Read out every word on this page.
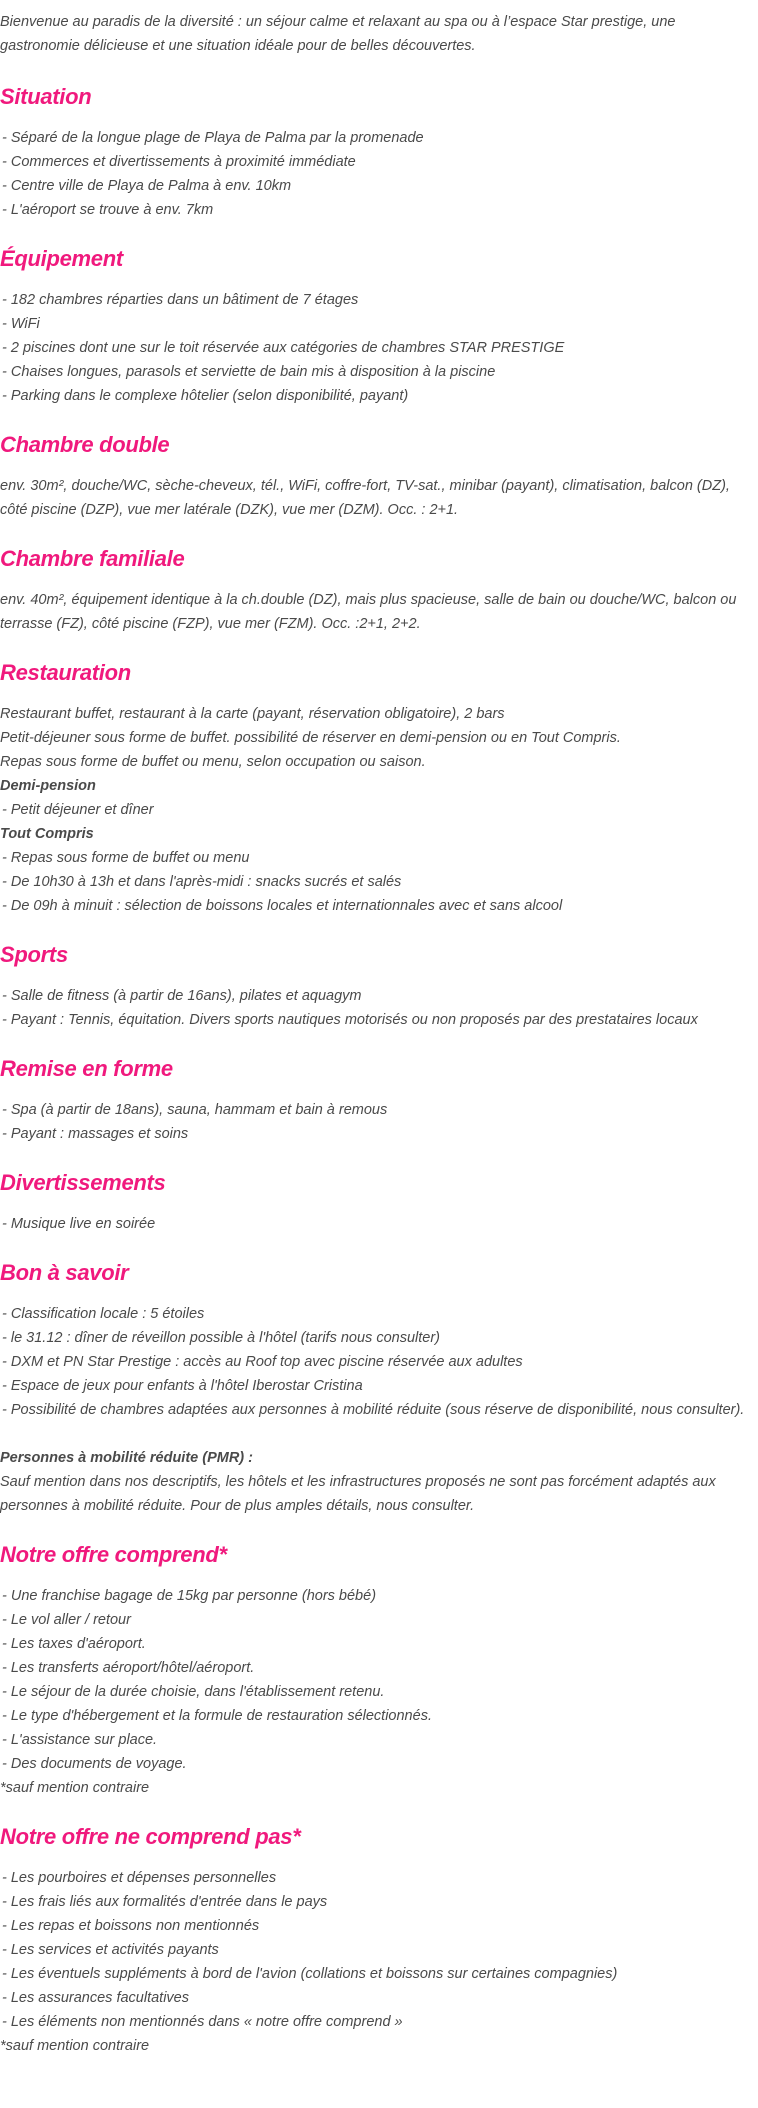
Bienvenue au paradis de la diversité : un séjour calme et relaxant au spa ou à l’espace Star prestige, une gastronomie délicieuse et une situation idéale pour de belles découvertes.

Situation

- Séparé de la longue plage de Playa de Palma par la promenade

- Commerces et divertissements à proximité immédiate

- Centre ville de Playa de Palma à env. 10km

- L'aéroport se trouve à env. 7km

Équipement

- 182 chambres réparties dans un bâtiment de 7 étages

- WiFi

- 2 piscines dont une sur le toit réservée aux catégories de chambres STAR PRESTIGE

- Chaises longues, parasols et serviette de bain mis à disposition à la piscine

- Parking dans le complexe hôtelier (selon disponibilité, payant)

Chambre double

env. 30m², douche/WC, sèche-cheveux, tél., WiFi, coffre-fort, TV-sat., minibar (payant), climatisation, balcon (DZ), côté piscine (DZP), vue mer latérale (DZK), vue mer (DZM). Occ. : 2+1.

Chambre familiale

env. 40m², équipement identique à la ch.double (DZ), mais plus spacieuse, salle de bain ou douche/WC, balcon ou terrasse (FZ), côté piscine (FZP), vue mer (FZM). Occ. :2+1, 2+2.

Restauration

Restaurant buffet, restaurant à la carte (payant, réservation obligatoire), 2 bars

Petit-déjeuner sous forme de buffet. possibilité de réserver en demi-pension ou en Tout Compris.

Repas sous forme de buffet ou menu, selon occupation ou saison.

Demi-pension

- Petit déjeuner et dîner

Tout Compris

- Repas sous forme de buffet ou menu

- De 10h30 à 13h et dans l'après-midi : snacks sucrés et salés

- De 09h à minuit : sélection de boissons locales et internationnales avec et sans alcool

Sports

- Salle de fitness (à partir de 16ans), pilates et aquagym

- Payant : Tennis, équitation. Divers sports nautiques motorisés ou non proposés par des prestataires locaux

Remise en forme

- Spa (à partir de 18ans), sauna, hammam et bain à remous

- Payant : massages et soins

Divertissements

- Musique live en soirée

Bon à savoir

- Classification locale : 5 étoiles

- le 31.12 : dîner de réveillon possible à l'hôtel (tarifs nous consulter)

- DXM et PN Star Prestige : accès au Roof top avec piscine réservée aux adultes

- Espace de jeux pour enfants à l'hôtel Iberostar Cristina

- Possibilité de chambres adaptées aux personnes à mobilité réduite (sous réserve de disponibilité, nous consulter).

Personnes à mobilité réduite (PMR) :

Sauf mention dans nos descriptifs, les hôtels et les infrastructures proposés ne sont pas forcément adaptés aux personnes à mobilité réduite. Pour de plus amples détails, nous consulter.

Notre offre comprend*

- Une franchise bagage de 15kg par personne (hors bébé)

- Le vol aller / retour

- Les taxes d'aéroport.

- Les transferts aéroport/hôtel/aéroport.

- Le séjour de la durée choisie, dans l'établissement retenu.

- Le type d'hébergement et la formule de restauration sélectionnés.

- L'assistance sur place.

- Des documents de voyage.

*sauf mention contraire

Notre offre ne comprend pas*

- Les pourboires et dépenses personnelles

- Les frais liés aux formalités d'entrée dans le pays

- Les repas et boissons non mentionnés

- Les services et activités payants

- Les éventuels suppléments à bord de l'avion (collations et boissons sur certaines compagnies)

- Les assurances facultatives

- Les éléments non mentionnés dans « notre offre comprend »

*sauf mention contraire
